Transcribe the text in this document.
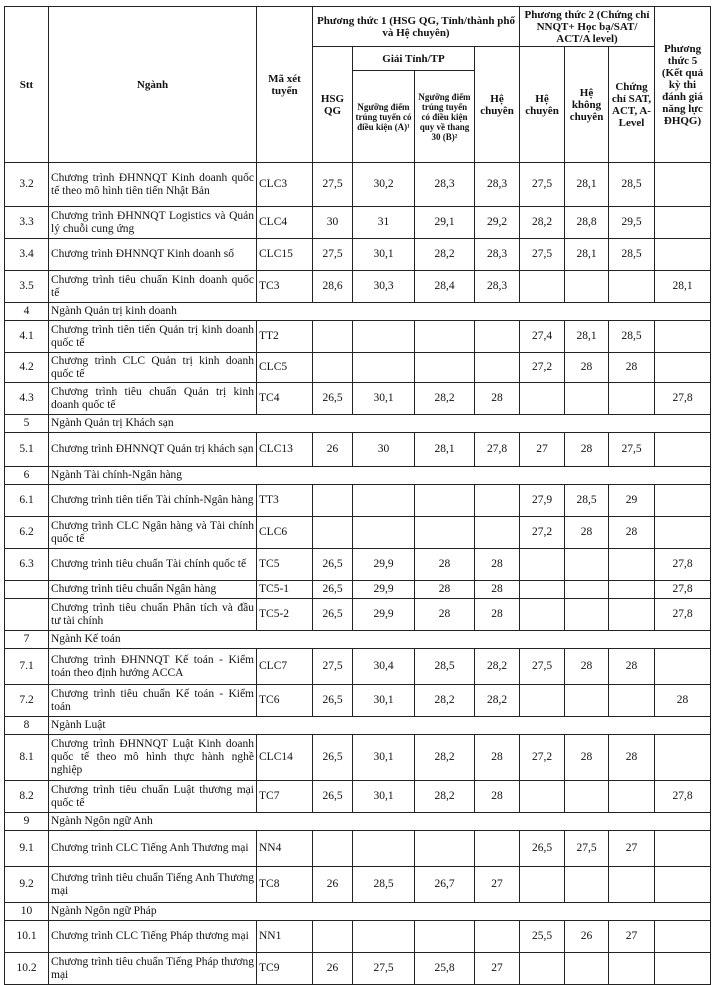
Stt	Ngành	Mã xét tuyển	Phương thức 1 (HSG QG, Tỉnh/thành phố và Hệ chuyên)				Phương thức 2 (Chứng chỉ NNQT+ Học bạ/SAT/ ACT/A level)			Phương thức 5 (Kết quả kỳ thi đánh giá năng lực ĐHQG)
			HSG QG	Giải Tỉnh/TP		Hệ chuyên	Hệ chuyên	Hệ không chuyên	Chứng chỉ SAT, ACT, A-Level	
				Ngưỡng điểm trúng tuyển có điều kiện (A)¹	Ngưỡng điểm trúng tuyển có điều kiện quy về thang 30 (B)²					
3.2	Chương trình ĐHNNQT Kinh doanh quốc tế theo mô hình tiên tiến Nhật Bản	CLC3	27,5	30,2	28,3	28,3	27,5	28,1	28,5	
3.3	Chương trình ĐHNNQT Logistics và Quản lý chuỗi cung ứng	CLC4	30	31	29,1	29,2	28,2	28,8	29,5	
3.4	Chương trình ĐHNNQT Kinh doanh số	CLC15	27,5	30,1	28,2	28,3	27,5	28,1	28,5	
3.5	Chương trình tiêu chuẩn Kinh doanh quốc tế	TC3	28,6	30,3	28,4	28,3				28,1
4	Ngành Quản trị kinh doanh									
4.1	Chương trình tiên tiến Quản trị kinh doanh quốc tế	TT2					27,4	28,1	28,5	
4.2	Chương trình CLC Quản trị kinh doanh quốc tế	CLC5					27,2	28	28	
4.3	Chương trình tiêu chuẩn Quản trị kinh doanh quốc tế	TC4	26,5	30,1	28,2	28				27,8
5	Ngành Quản trị Khách sạn									
5.1	Chương trình ĐHNNQT Quản trị khách sạn	CLC13	26	30	28,1	27,8	27	28	27,5	
6	Ngành Tài chính-Ngân hàng									
6.1	Chương trình tiên tiến Tài chính-Ngân hàng	TT3					27,9	28,5	29	
6.2	Chương trình CLC Ngân hàng và Tài chính quốc tế	CLC6					27,2	28	28	
6.3	Chương trình tiêu chuẩn Tài chính quốc tế	TC5	26,5	29,9	28	28				27,8
	Chương trình tiêu chuẩn Ngân hàng	TC5-1	26,5	29,9	28	28				27,8
	Chương trình tiêu chuẩn Phân tích và đầu tư tài chính	TC5-2	26,5	29,9	28	28				27,8
7	Ngành Kế toán									
7.1	Chương trình ĐHNNQT Kế toán - Kiểm toán theo định hướng ACCA	CLC7	27,5	30,4	28,5	28,2	27,5	28	28	
7.2	Chương trình tiêu chuẩn Kế toán - Kiểm toán	TC6	26,5	30,1	28,2	28,2				28
8	Ngành Luật									
8.1	Chương trình ĐHNNQT Luật Kinh doanh quốc tế theo mô hình thực hành nghề nghiệp	CLC14	26,5	30,1	28,2	28	27,2	28	28	
8.2	Chương trình tiêu chuẩn Luật thương mại quốc tế	TC7	26,5	30,1	28,2	28				27,8
9	Ngành Ngôn ngữ Anh									
9.1	Chương trình CLC Tiếng Anh Thương mại	NN4					26,5	27,5	27	
9.2	Chương trình tiêu chuẩn Tiếng Anh Thương mại	TC8	26	28,5	26,7	27				
10	Ngành Ngôn ngữ Pháp									
10.1	Chương trình CLC Tiếng Pháp thương mại	NN1					25,5	26	27	
10.2	Chương trình tiêu chuẩn Tiếng Pháp thương mại	TC9	26	27,5	25,8	27				
